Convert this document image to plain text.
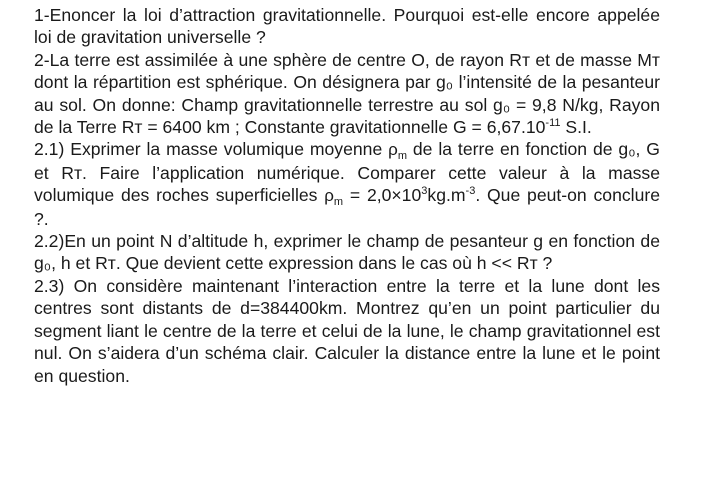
1-Enoncer la loi d’attraction gravitationnelle. Pourquoi est-elle encore appelée loi de gravitation universelle ?

2-La terre est assimilée à une sphère de centre O, de rayon Rᴛ et de masse Mᴛ dont la répartition est sphérique. On désignera par g₀ l’intensité de la pesanteur au sol. On donne: Champ gravitationnelle terrestre au sol g₀ = 9,8 N/kg, Rayon de la Terre Rᴛ = 6400 km ; Constante gravitationnelle $G = 6,67.10^{-11}$ S.I.

2.1) Exprimer la masse volumique moyenne $\rho_m$ de la terre en fonction de g₀, G et Rᴛ. Faire l’application numérique. Comparer cette valeur à la masse volumique des roches superficielles $\rho_m = 2,0\times 10^3kg.m^{-3}$. Que peut-on conclure ?.

2.2)En un point N d’altitude h, exprimer le champ de pesanteur g en fonction de g₀, h et Rᴛ. Que devient cette expression dans le cas où h << Rᴛ ?

2.3) On considère maintenant l’interaction entre la terre et la lune dont les centres sont distants de d=384400km. Montrez qu’en un point particulier du segment liant le centre de la terre et celui de la lune, le champ gravitationnel est nul. On s’aidera d’un schéma clair. Calculer la distance entre la lune et le point en question.
